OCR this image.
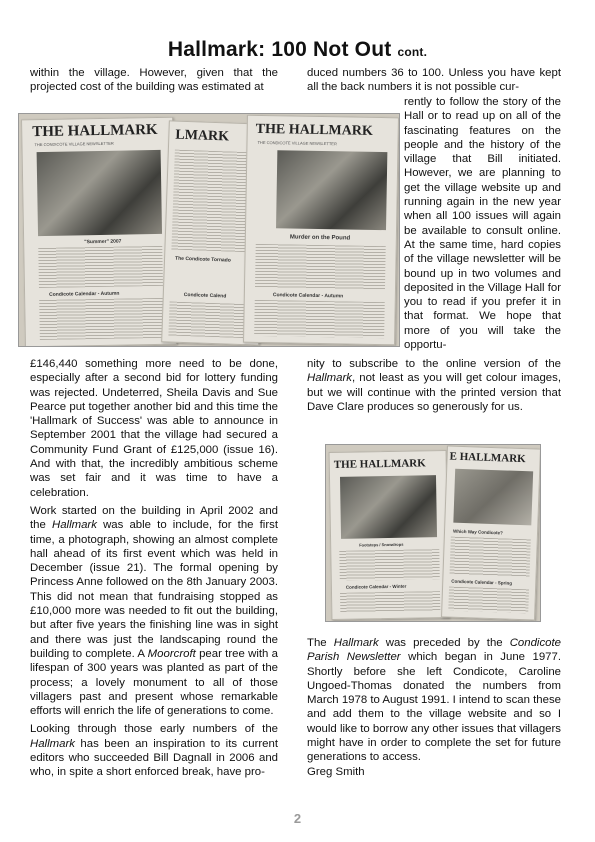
Hallmark: 100 Not Out cont.

within the village. However, given that the projected cost of the building was estimated at

duced numbers 36 to 100. Unless you have kept all the back numbers it is not possible cur-

THE HALLMARK
THE CONDICOTE VILLAGE NEWSLETTER
"Summer" 2007
Condicote Calendar - Autumn
LMARK
The Condicote Tornado
Condicote Calend
THE HALLMARK
THE CONDICOTE VILLAGE NEWSLETTER
Murder on the Pound
Condicote Calendar - Autumn

rently to follow the story of the Hall or to read up on all of the fascinating features on the people and the history of the village that Bill initiated. However, we are planning to get the village website up and running again in the new year when all 100 issues will again be available to consult online. At the same time, hard copies of the village newsletter will be bound up in two volumes and deposited in the Village Hall for you to read if you prefer it in that format. We hope that more of you will take the opportu-

£146,440 something more need to be done, especially after a second bid for lottery funding was rejected. Undeterred, Sheila Davis and Sue Pearce put together another bid and this time the 'Hallmark of Success' was able to announce in September 2001 that the village had secured a Community Fund Grant of £125,000 (issue 16). And with that, the incredibly ambitious scheme was set fair and it was time to have a celebration.

Work started on the building in April 2002 and the Hallmark was able to include, for the first time, a photograph, showing an almost complete hall ahead of its first event which was held in December (issue 21). The formal opening by Princess Anne followed on the 8th January 2003. This did not mean that fundraising stopped as £10,000 more was needed to fit out the building, but after five years the finishing line was in sight and there was just the landscaping round the building to complete. A Moorcroft pear tree with a lifespan of 300 years was planted as part of the process; a lovely monument to all of those villagers past and present whose remarkable efforts will enrich the life of generations to come.

Looking through those early numbers of the Hallmark has been an inspiration to its current editors who succeeded Bill Dagnall in 2006 and who, in spite a short enforced break, have pro-

nity to subscribe to the online version of the Hallmark, not least as you will get colour images, but we will continue with the printed version that Dave Clare produces so generously for us.

THE HALLMARK
Footsteps / Snowdrops
Condicote Calendar - Winter
E HALLMARK
Which Way Condicote?
Condicote Calendar - Spring

The Hallmark was preceded by the Condicote Parish Newsletter which began in June 1977. Shortly before she left Condicote, Caroline Ungoed-Thomas donated the numbers from March 1978 to August 1991. I intend to scan these and add them to the village website and so I would like to borrow any other issues that villagers might have in order to complete the set for future generations to access.

Greg Smith

2
